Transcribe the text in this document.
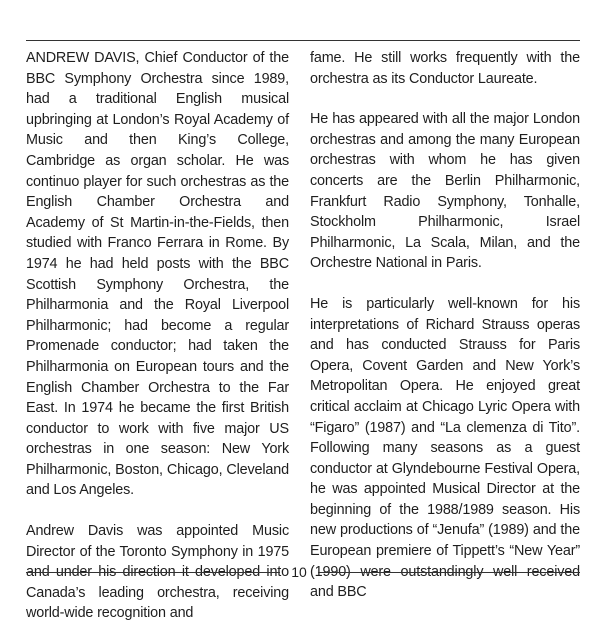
ANDREW DAVIS, Chief Conductor of the BBC Symphony Orchestra since 1989, had a traditional English musical upbringing at London’s Royal Academy of Music and then King’s College, Cambridge as organ scholar. He was continuo player for such orchestras as the English Chamber Orchestra and Academy of St Martin-in-the-Fields, then studied with Franco Ferrara in Rome. By 1974 he had held posts with the BBC Scottish Symphony Orchestra, the Philharmonia and the Royal Liverpool Philharmonic; had become a regular Promenade conductor; had taken the Philharmonia on European tours and the English Chamber Orchestra to the Far East. In 1974 he became the first British conductor to work with five major US orchestras in one season: New York Philharmonic, Boston, Chicago, Cleveland and Los Angeles.

Andrew Davis was appointed Music Director of the Toronto Symphony in 1975 and under his direction it developed into Canada’s leading orchestra, receiving world-wide recognition and

fame. He still works frequently with the orchestra as its Conductor Laureate.

He has appeared with all the major London orchestras and among the many European orchestras with whom he has given concerts are the Berlin Philharmonic, Frankfurt Radio Symphony, Tonhalle, Stockholm Philharmonic, Israel Philharmonic, La Scala, Milan, and the Orchestre National in Paris.

He is particularly well-known for his interpretations of Richard Strauss operas and has conducted Strauss for Paris Opera, Covent Garden and New York’s Metropolitan Opera. He enjoyed great critical acclaim at Chicago Lyric Opera with “Figaro” (1987) and “La clemenza di Tito”. Following many seasons as a guest conductor at Glyndebourne Festival Opera, he was appointed Musical Director at the beginning of the 1988/1989 season. His new productions of “Jenufa” (1989) and the European premiere of Tippett’s “New Year” (1990) were outstandingly well received and BBC

10
